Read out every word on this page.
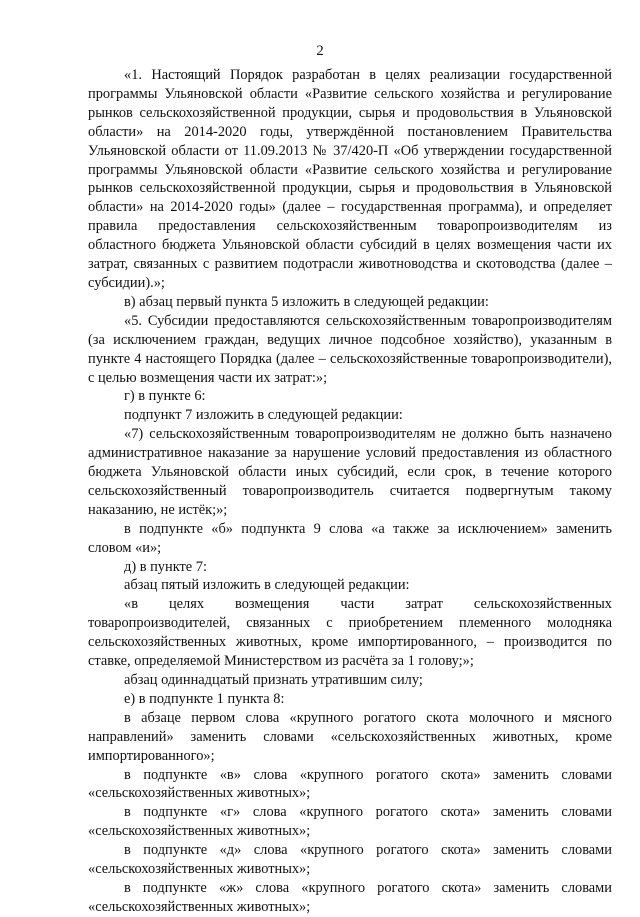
2

«1. Настоящий Порядок разработан в целях реализации государственной программы Ульяновской области «Развитие сельского хозяйства и регулирование рынков сельскохозяйственной продукции, сырья и продовольствия в Ульяновской области» на 2014-2020 годы, утверждённой постановлением Правительства Ульяновской области от 11.09.2013 № 37/420-П «Об утверждении государственной программы Ульяновской области «Развитие сельского хозяйства и регулирование рынков сельскохозяйственной продукции, сырья и продовольствия в Ульяновской области» на 2014-2020 годы» (далее – государственная программа), и определяет правила предоставления сельскохозяйственным товаропроизводителям из областного бюджета Ульяновской области субсидий в целях возмещения части их затрат, связанных с развитием подотрасли животноводства и скотоводства (далее – субсидии).»;

в) абзац первый пункта 5 изложить в следующей редакции:

«5. Субсидии предоставляются сельскохозяйственным товаропроизводителям (за исключением граждан, ведущих личное подсобное хозяйство), указанным в пункте 4 настоящего Порядка (далее – сельскохозяйственные товаропроизводители), с целью возмещения части их затрат:»;

г) в пункте 6:

подпункт 7 изложить в следующей редакции:

«7) сельскохозяйственным товаропроизводителям не должно быть назначено административное наказание за нарушение условий предоставления из областного бюджета Ульяновской области иных субсидий, если срок, в течение которого сельскохозяйственный товаропроизводитель считается подвергнутым такому наказанию, не истёк;»;

в подпункте «б» подпункта 9 слова «а также за исключением» заменить словом «и»;

д) в пункте 7:

абзац пятый изложить в следующей редакции:

«в целях возмещения части затрат сельскохозяйственных товаропроизводителей, связанных с приобретением племенного молодняка сельскохозяйственных животных, кроме импортированного, – производится по ставке, определяемой Министерством из расчёта за 1 голову;»;

абзац одиннадцатый признать утратившим силу;

е) в подпункте 1 пункта 8:

в абзаце первом слова «крупного рогатого скота молочного и мясного направлений» заменить словами «сельскохозяйственных животных, кроме импортированного»;

в подпункте «в» слова «крупного рогатого скота» заменить словами «сельскохозяйственных животных»;

в подпункте «г» слова «крупного рогатого скота» заменить словами «сельскохозяйственных животных»;

в подпункте «д» слова «крупного рогатого скота» заменить словами «сельскохозяйственных животных»;

в подпункте «ж» слова «крупного рогатого скота» заменить словами «сельскохозяйственных животных»;
